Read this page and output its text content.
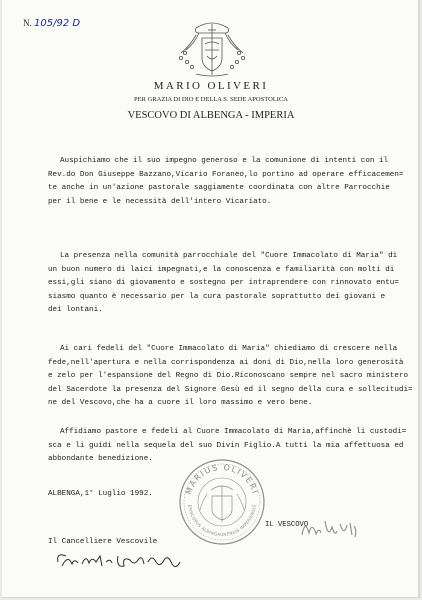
N. 105/92 D
MARIO OLIVERI
PER GRAZIA DI DIO E DELLA S. SEDE APOSTOLICA
VESCOVO DI ALBENGA - IMPERIA
Auspichiamo che il suo impegno generoso e la comunione di intenti con il
Rev.do Don Giuseppe Bazzano,Vicario Foraneo,lo portino ad operare efficacemen=
te anche in un'azione pastorale saggiamente coordinata con altre Parrocchie
per il bene e le necessità dell'intero Vicariato.
La presenza nella comunità parrocchiale del "Cuore Immacolato di Maria" di
un buon numero di laici impegnati,e la conoscenza e familiarità con molti di
essi,gli siano di giovamento e sostegno per intraprendere con rinnovato entu=
siasmo quanto è necessario per la cura pastorale soprattutto dei giovani e
dei lontani.
Ai cari fedeli del "Cuore Immacolato di Maria" chiediamo di crescere nella
fede,nell'apertura e nella corrispondenza ai doni di Dio,nella loro generosità
e zelo per l'espansione del Regno di Dio.Riconoscano sempre nel sacro ministero
del Sacerdote la presenza del Signore Gesù ed il segno della cura e sollecitudi=
ne del Vescovo,che ha a cuore il loro massimo e vero bene.
Affidiamo pastore e fedeli al Cuore Immacolato di Maria,affinchè li custodi=
sca e li guidi nella sequela del suo Divin Figlio.A tutti la mia affettuosa ed
abbondante benedizione.
ALBENGA,1° Luglio 1992.	MARIUS OLIVERI
EPISCOPUS ALBINGAUNENSIS IMPERIENSIS
IL VESCOVO
Il Cancelliere Vescovile
